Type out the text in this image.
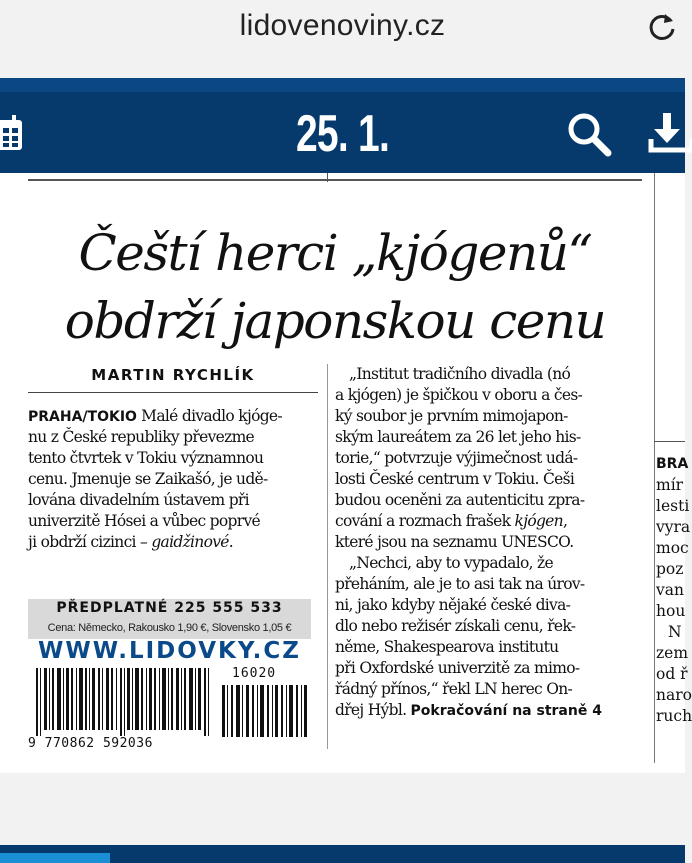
lidovenoviny.cz
25. 1.
Čeští herci „kjógenů“
obdrží japonskou cenu
MARTIN RYCHLÍK
PRAHA/TOKIO Malé divadlo kjóge-
nu z České republiky převezme
tento čtvrtek v Tokiu významnou
cenu. Jmenuje se Zaikašó, je udě-
lována divadelním ústavem při
univerzitě Hósei a vůbec poprvé
ji obdrží cizinci – gaidžinové.
„Institut tradičního divadla (nó
a kjógen) je špičkou v oboru a čes-
ký soubor je prvním mimojapon-
ským laureátem za 26 let jeho his-
torie,“ potvrzuje výjimečnost udá-
losti České centrum v Tokiu. Češi
budou oceněni za autenticitu zpra-
cování a rozmach frašek kjógen,
které jsou na seznamu UNESCO.
„Nechci, aby to vypadalo, že
přeháním, ale je to asi tak na úrov-
ni, jako kdyby nějaké české diva-
dlo nebo režisér získali cenu, řek-
něme, Shakespearova institutu
při Oxfordské univerzitě za mimo-
řádný přínos,“ řekl LN herec On-
dřej Hýbl. Pokračování na straně 4
PŘEDPLATNÉ 225 555 533
Cena: Německo, Rakousko 1,90 €, Slovensko 1,05 €
WWW.LIDOVKY.CZ
16020
9 770862 592036
BRA
mír
lesti
vyra
moc
poz
van
hou
N
zem
od ř
naro
ruch
